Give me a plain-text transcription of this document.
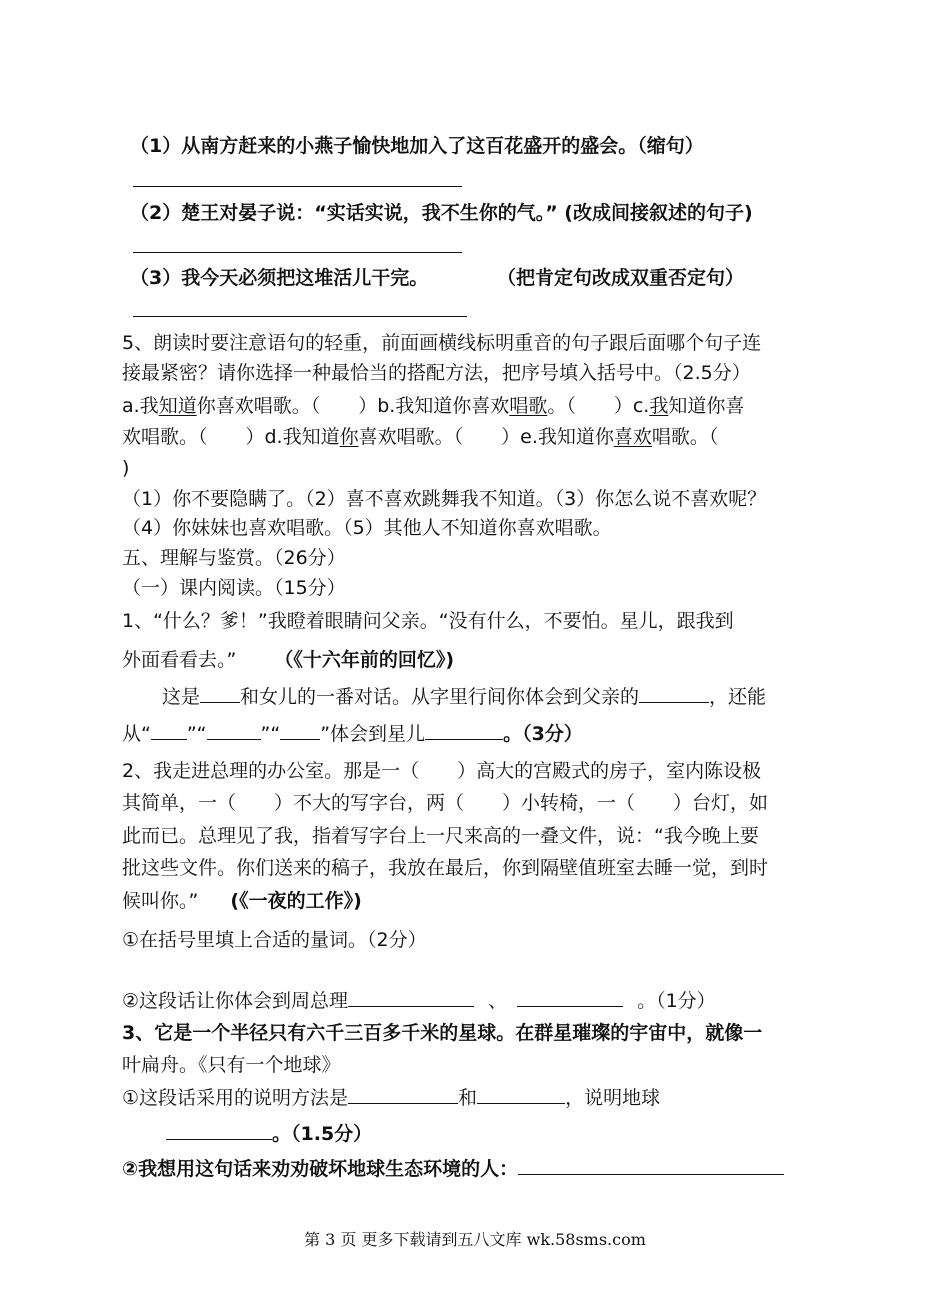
（1）从南方赶来的小燕子愉快地加入了这百花盛开的盛会。（缩句）
（2）楚王对晏子说：“实话实说，我不生你的气。” (改成间接叙述的句子)
（3）我今天必须把这堆活儿干完。	（把肯定句改成双重否定句）
5、朗读时要注意语句的轻重，前面画横线标明重音的句子跟后面哪个句子连
接最紧密？请你选择一种最恰当的搭配方法，把序号填入括号中。（2.5分）
a.我知道你喜欢唱歌。（　　）b.我知道你喜欢唱歌。（　　）c.我知道你喜
欢唱歌。（　　）d.我知道你喜欢唱歌。（　　）e.我知道你喜欢唱歌。（
)
（1）你不要隐瞒了。（2）喜不喜欢跳舞我不知道。（3）你怎么说不喜欢呢？
（4）你妹妹也喜欢唱歌。（5）其他人不知道你喜欢唱歌。
五、理解与鉴赏。（26分）
（一）课内阅读。（15分）
1、“什么？爹！”我瞪着眼睛问父亲。“没有什么，不要怕。星儿，跟我到
外面看看去。” （《十六年前的回忆》)
这是 和女儿的一番对话。从字里行间你体会到父亲的	，还能
从“ ”“	”“ ”体会到星儿	。（3分）
2、我走进总理的办公室。那是一（　　）高大的宫殿式的房子，室内陈设极
其简单，一（　　）不大的写字台，两（　　）小转椅，一（　　）台灯，如
此而已。总理见了我，指着写字台上一尺来高的一叠文件，说：“我今晚上要
批这些文件。你们送来的稿子，我放在最后，你到隔壁值班室去睡一觉，到时
候叫你。” (《一夜的工作》)
①在括号里填上合适的量词。（2分）
②这段话让你体会到周总理	、	。（1分）
3、它是一个半径只有六千三百多千米的星球。在群星璀璨的宇宙中，就像一
叶扁舟。《只有一个地球》
①这段话采用的说明方法是	和	，说明地球
。（1.5分）
②我想用这句话来劝劝破坏地球生态环境的人：
第 3 页 更多下载请到五八文库 wk.58sms.com
